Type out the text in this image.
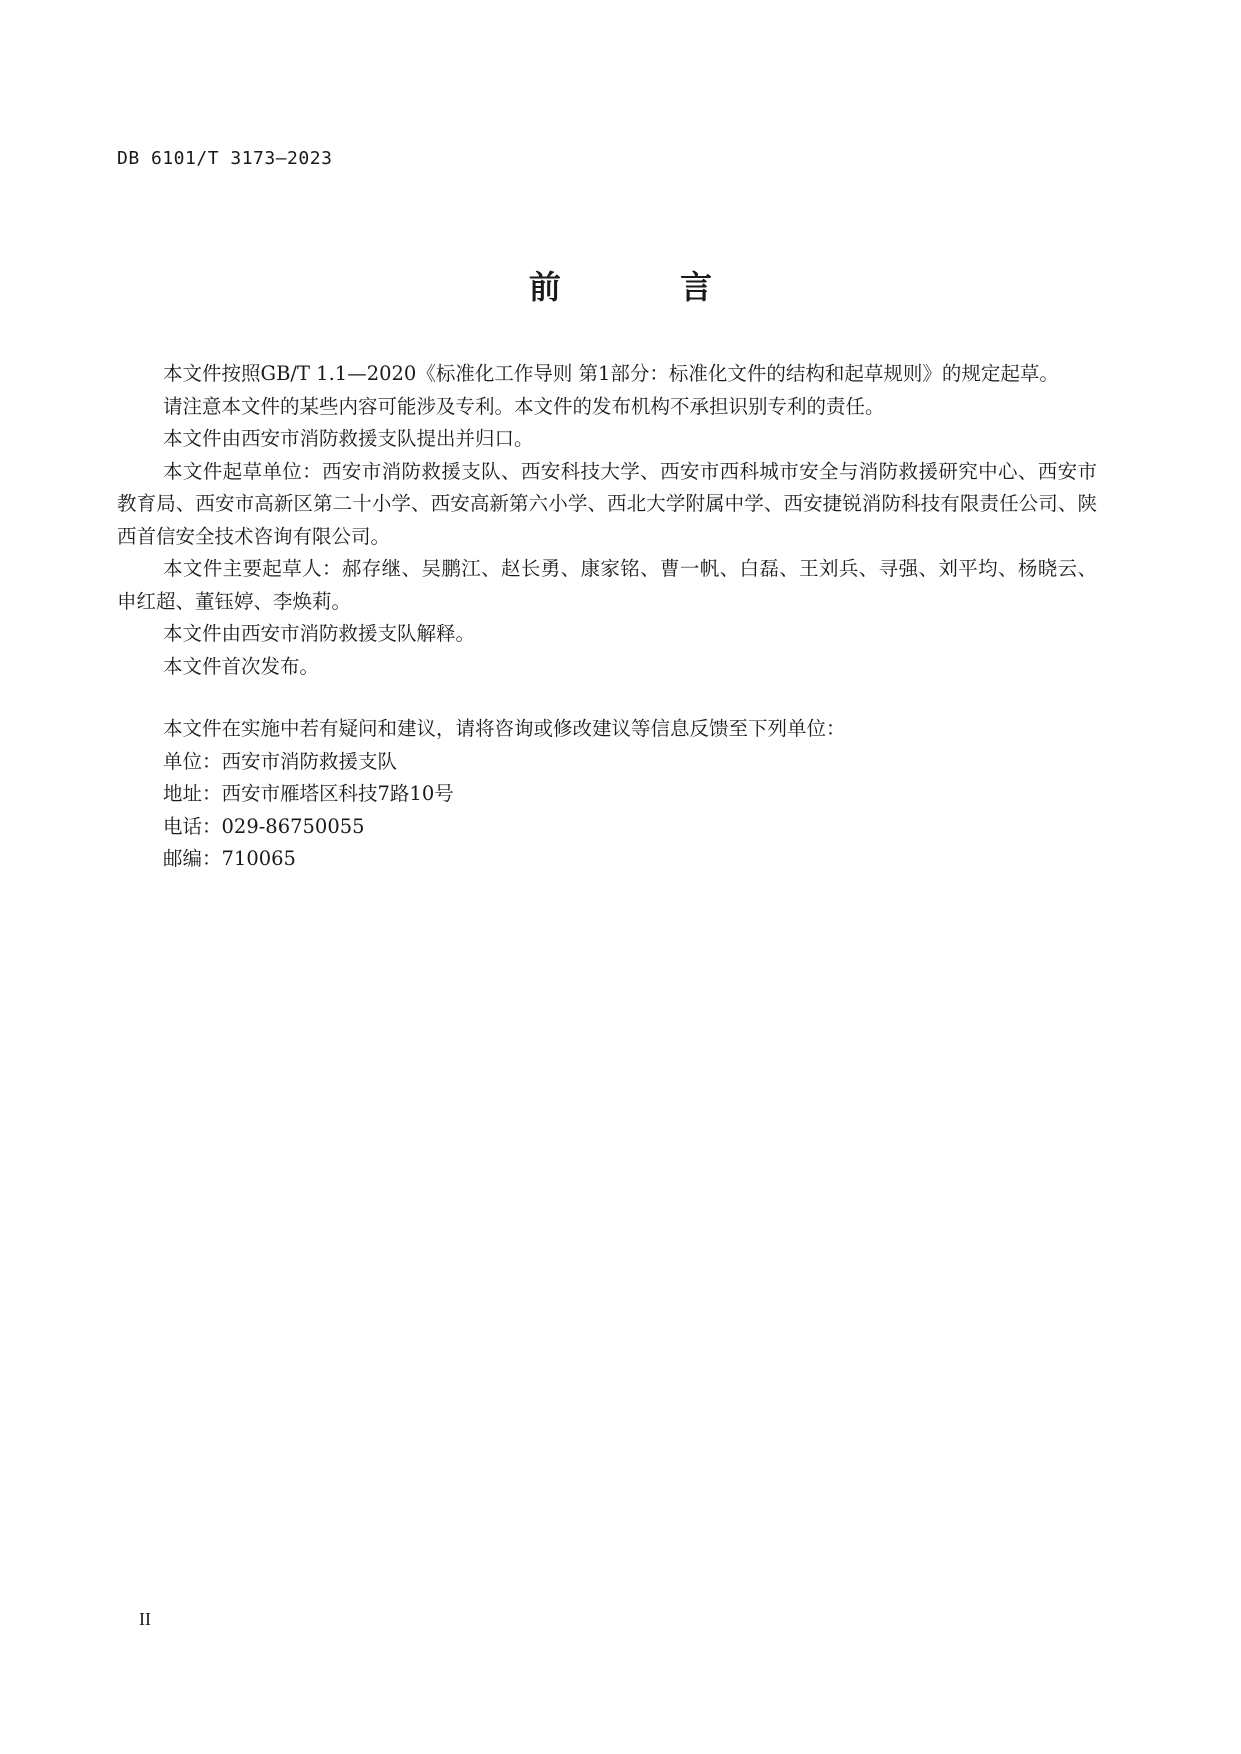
DB 6101/T 3173—2023
前 言

本文件按照GB/T 1.1—2020《标准化工作导则 第1部分：标准化文件的结构和起草规则》的规定起草。

请注意本文件的某些内容可能涉及专利。本文件的发布机构不承担识别专利的责任。

本文件由西安市消防救援支队提出并归口。

本文件起草单位：西安市消防救援支队、西安科技大学、西安市西科城市安全与消防救援研究中心、西安市教育局、西安市高新区第二十小学、西安高新第六小学、西北大学附属中学、西安捷锐消防科技有限责任公司、陕西首信安全技术咨询有限公司。

本文件主要起草人：郝存继、吴鹏江、赵长勇、康家铭、曹一帆、白磊、王刘兵、寻强、刘平均、杨晓云、申红超、董钰婷、李焕莉。

本文件由西安市消防救援支队解释。

本文件首次发布。

本文件在实施中若有疑问和建议，请将咨询或修改建议等信息反馈至下列单位：

单位：西安市消防救援支队

地址：西安市雁塔区科技7路10号

电话：029-86750055

邮编：710065

II
